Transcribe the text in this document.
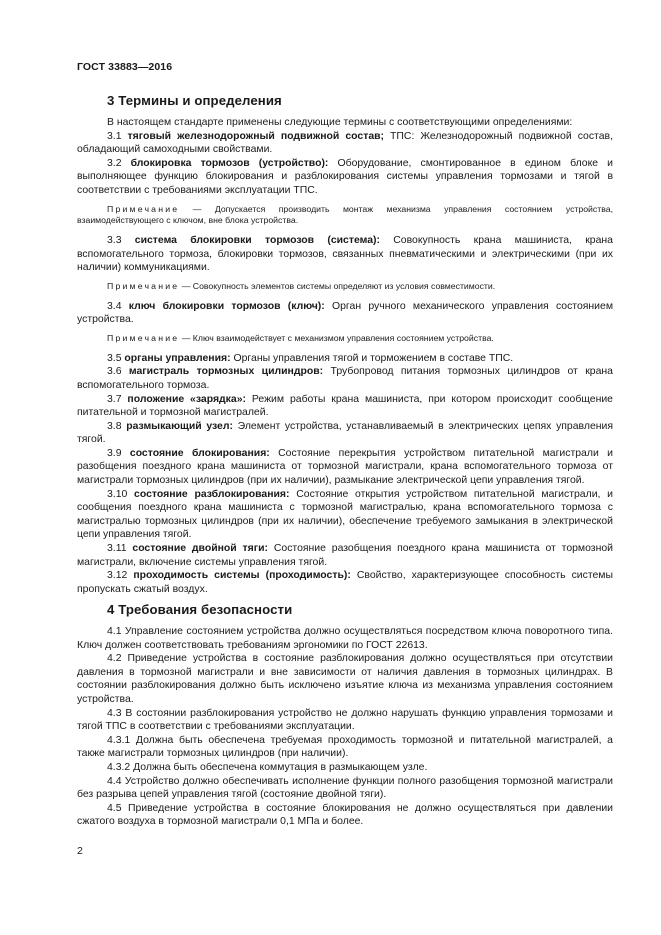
ГОСТ 33883—2016
3 Термины и определения

В настоящем стандарте применены следующие термины с соответствующими определениями:

3.1 тяговый железнодорожный подвижной состав; ТПС: Железнодорожный подвижной состав, обладающий самоходными свойствами.

3.2 блокировка тормозов (устройство): Оборудование, смонтированное в едином блоке и выполняющее функцию блокирования и разблокирования системы управления тормозами и тягой в соответствии с требованиями эксплуатации ТПС.

Примечание — Допускается производить монтаж механизма управления состоянием устройства, взаимодействующего с ключом, вне блока устройства.

3.3 система блокировки тормозов (система): Совокупность крана машиниста, крана вспомогательного тормоза, блокировки тормозов, связанных пневматическими и электрическими (при их наличии) коммуникациями.

Примечание — Совокупность элементов системы определяют из условия совместимости.

3.4 ключ блокировки тормозов (ключ): Орган ручного механического управления состоянием устройства.

Примечание — Ключ взаимодействует с механизмом управления состоянием устройства.

3.5 органы управления: Органы управления тягой и торможением в составе ТПС.

3.6 магистраль тормозных цилиндров: Трубопровод питания тормозных цилиндров от крана вспомогательного тормоза.

3.7 положение «зарядка»: Режим работы крана машиниста, при котором происходит сообщение питательной и тормозной магистралей.

3.8 размыкающий узел: Элемент устройства, устанавливаемый в электрических цепях управления тягой.

3.9 состояние блокирования: Состояние перекрытия устройством питательной магистрали и разобщения поездного крана машиниста от тормозной магистрали, крана вспомогательного тормоза от магистрали тормозных цилиндров (при их наличии), размыкание электрической цепи управления тягой.

3.10 состояние разблокирования: Состояние открытия устройством питательной магистрали, и сообщения поездного крана машиниста с тормозной магистралью, крана вспомогательного тормоза с магистралью тормозных цилиндров (при их наличии), обеспечение требуемого замыкания в электрической цепи управления тягой.

3.11 состояние двойной тяги: Состояние разобщения поездного крана машиниста от тормозной магистрали, включение системы управления тягой.

3.12 проходимость системы (проходимость): Свойство, характеризующее способность системы пропускать сжатый воздух.

4 Требования безопасности

4.1 Управление состоянием устройства должно осуществляться посредством ключа поворотного типа. Ключ должен соответствовать требованиям эргономики по ГОСТ 22613.

4.2 Приведение устройства в состояние разблокирования должно осуществляться при отсутствии давления в тормозной магистрали и вне зависимости от наличия давления в тормозных цилиндрах. В состоянии разблокирования должно быть исключено изъятие ключа из механизма управления состоянием устройства.

4.3 В состоянии разблокирования устройство не должно нарушать функцию управления тормозами и тягой ТПС в соответствии с требованиями эксплуатации.

4.3.1 Должна быть обеспечена требуемая проходимость тормозной и питательной магистралей, а также магистрали тормозных цилиндров (при наличии).

4.3.2 Должна быть обеспечена коммутация в размыкающем узле.

4.4 Устройство должно обеспечивать исполнение функции полного разобщения тормозной магистрали без разрыва цепей управления тягой (состояние двойной тяги).

4.5 Приведение устройства в состояние блокирования не должно осуществляться при давлении сжатого воздуха в тормозной магистрали 0,1 МПа и более.

2
